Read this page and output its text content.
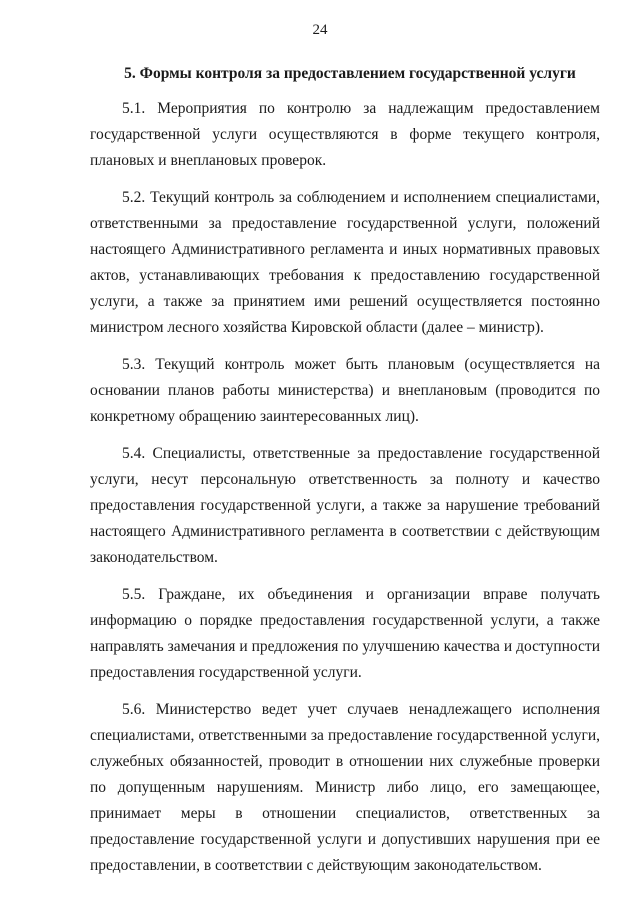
24
5. Формы контроля за предоставлением государственной услуги

5.1. Мероприятия по контролю за надлежащим предоставлением государственной услуги осуществляются в форме текущего контроля, плановых и внеплановых проверок.

5.2. Текущий контроль за соблюдением и исполнением специалистами, ответственными за предоставление государственной услуги, положений настоящего Административного регламента и иных нормативных правовых актов, устанавливающих требования к предоставлению государственной услуги, а также за принятием ими решений осуществляется постоянно министром лесного хозяйства Кировской области (далее – министр).

5.3. Текущий контроль может быть плановым (осуществляется на основании планов работы министерства) и внеплановым (проводится по конкретному обращению заинтересованных лиц).

5.4. Специалисты, ответственные за предоставление государственной услуги, несут персональную ответственность за полноту и качество предоставления государственной услуги, а также за нарушение требований настоящего Административного регламента в соответствии с действующим законодательством.

5.5. Граждане, их объединения и организации вправе получать информацию о порядке предоставления государственной услуги, а также направлять замечания и предложения по улучшению качества и доступности предоставления государственной услуги.

5.6. Министерство ведет учет случаев ненадлежащего исполнения специалистами, ответственными за предоставление государственной услуги, служебных обязанностей, проводит в отношении них служебные проверки по допущенным нарушениям. Министр либо лицо, его замещающее, принимает меры в отношении специалистов, ответственных за предоставление государственной услуги и допустивших нарушения при ее предоставлении, в соответствии с действующим законодательством.
